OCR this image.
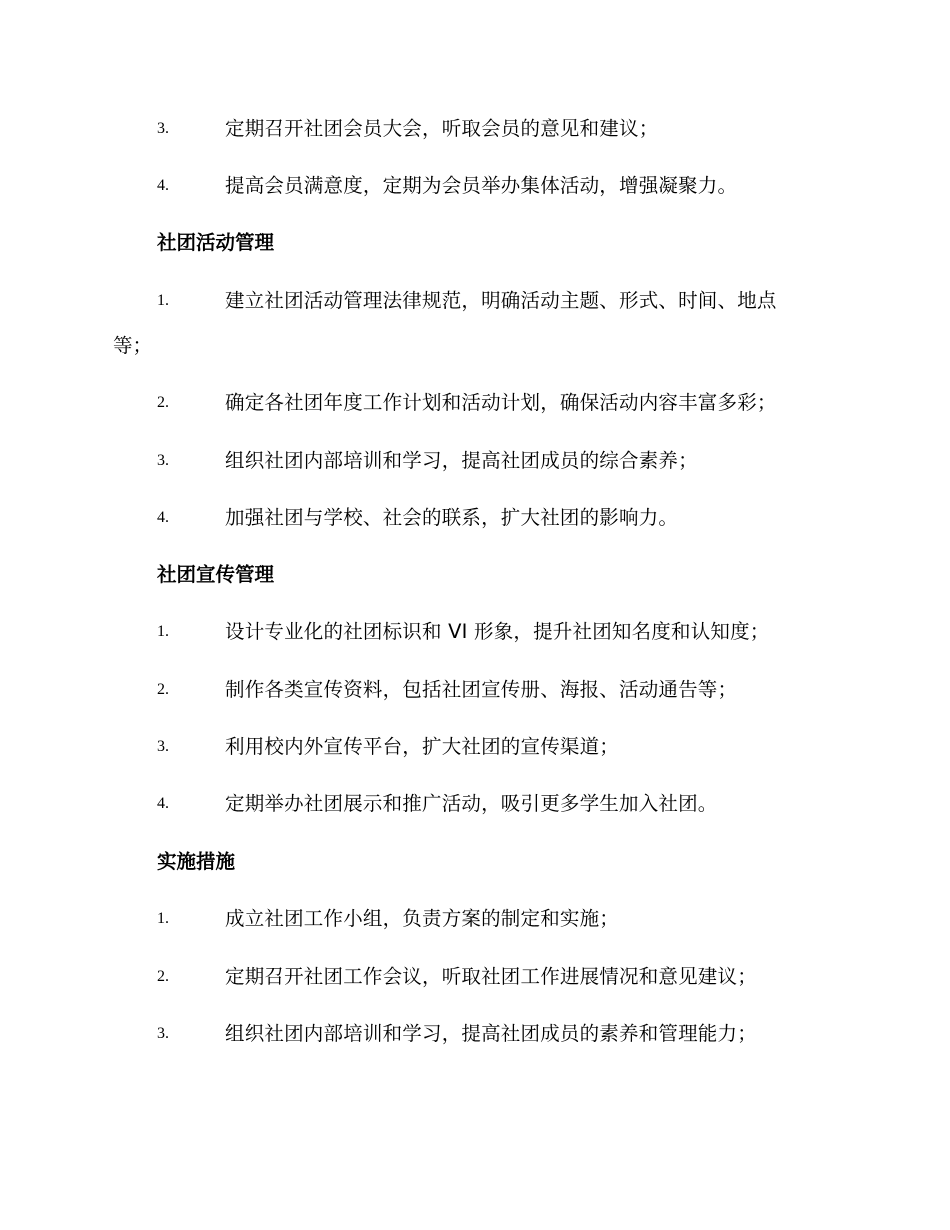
3.	定期召开社团会员大会，听取会员的意见和建议；
4.	提高会员满意度，定期为会员举办集体活动，增强凝聚力。
社团活动管理
1.	建立社团活动管理法律规范，明确活动主题、形式、时间、地点
等；
2.	确定各社团年度工作计划和活动计划，确保活动内容丰富多彩；
3.	组织社团内部培训和学习，提高社团成员的综合素养；
4.	加强社团与学校、社会的联系，扩大社团的影响力。
社团宣传管理
1.	设计专业化的社团标识和 VI 形象，提升社团知名度和认知度；
2.	制作各类宣传资料，包括社团宣传册、海报、活动通告等；
3.	利用校内外宣传平台，扩大社团的宣传渠道；
4.	定期举办社团展示和推广活动，吸引更多学生加入社团。
实施措施
1.	成立社团工作小组，负责方案的制定和实施；
2.	定期召开社团工作会议，听取社团工作进展情况和意见建议；
3.	组织社团内部培训和学习，提高社团成员的素养和管理能力；
